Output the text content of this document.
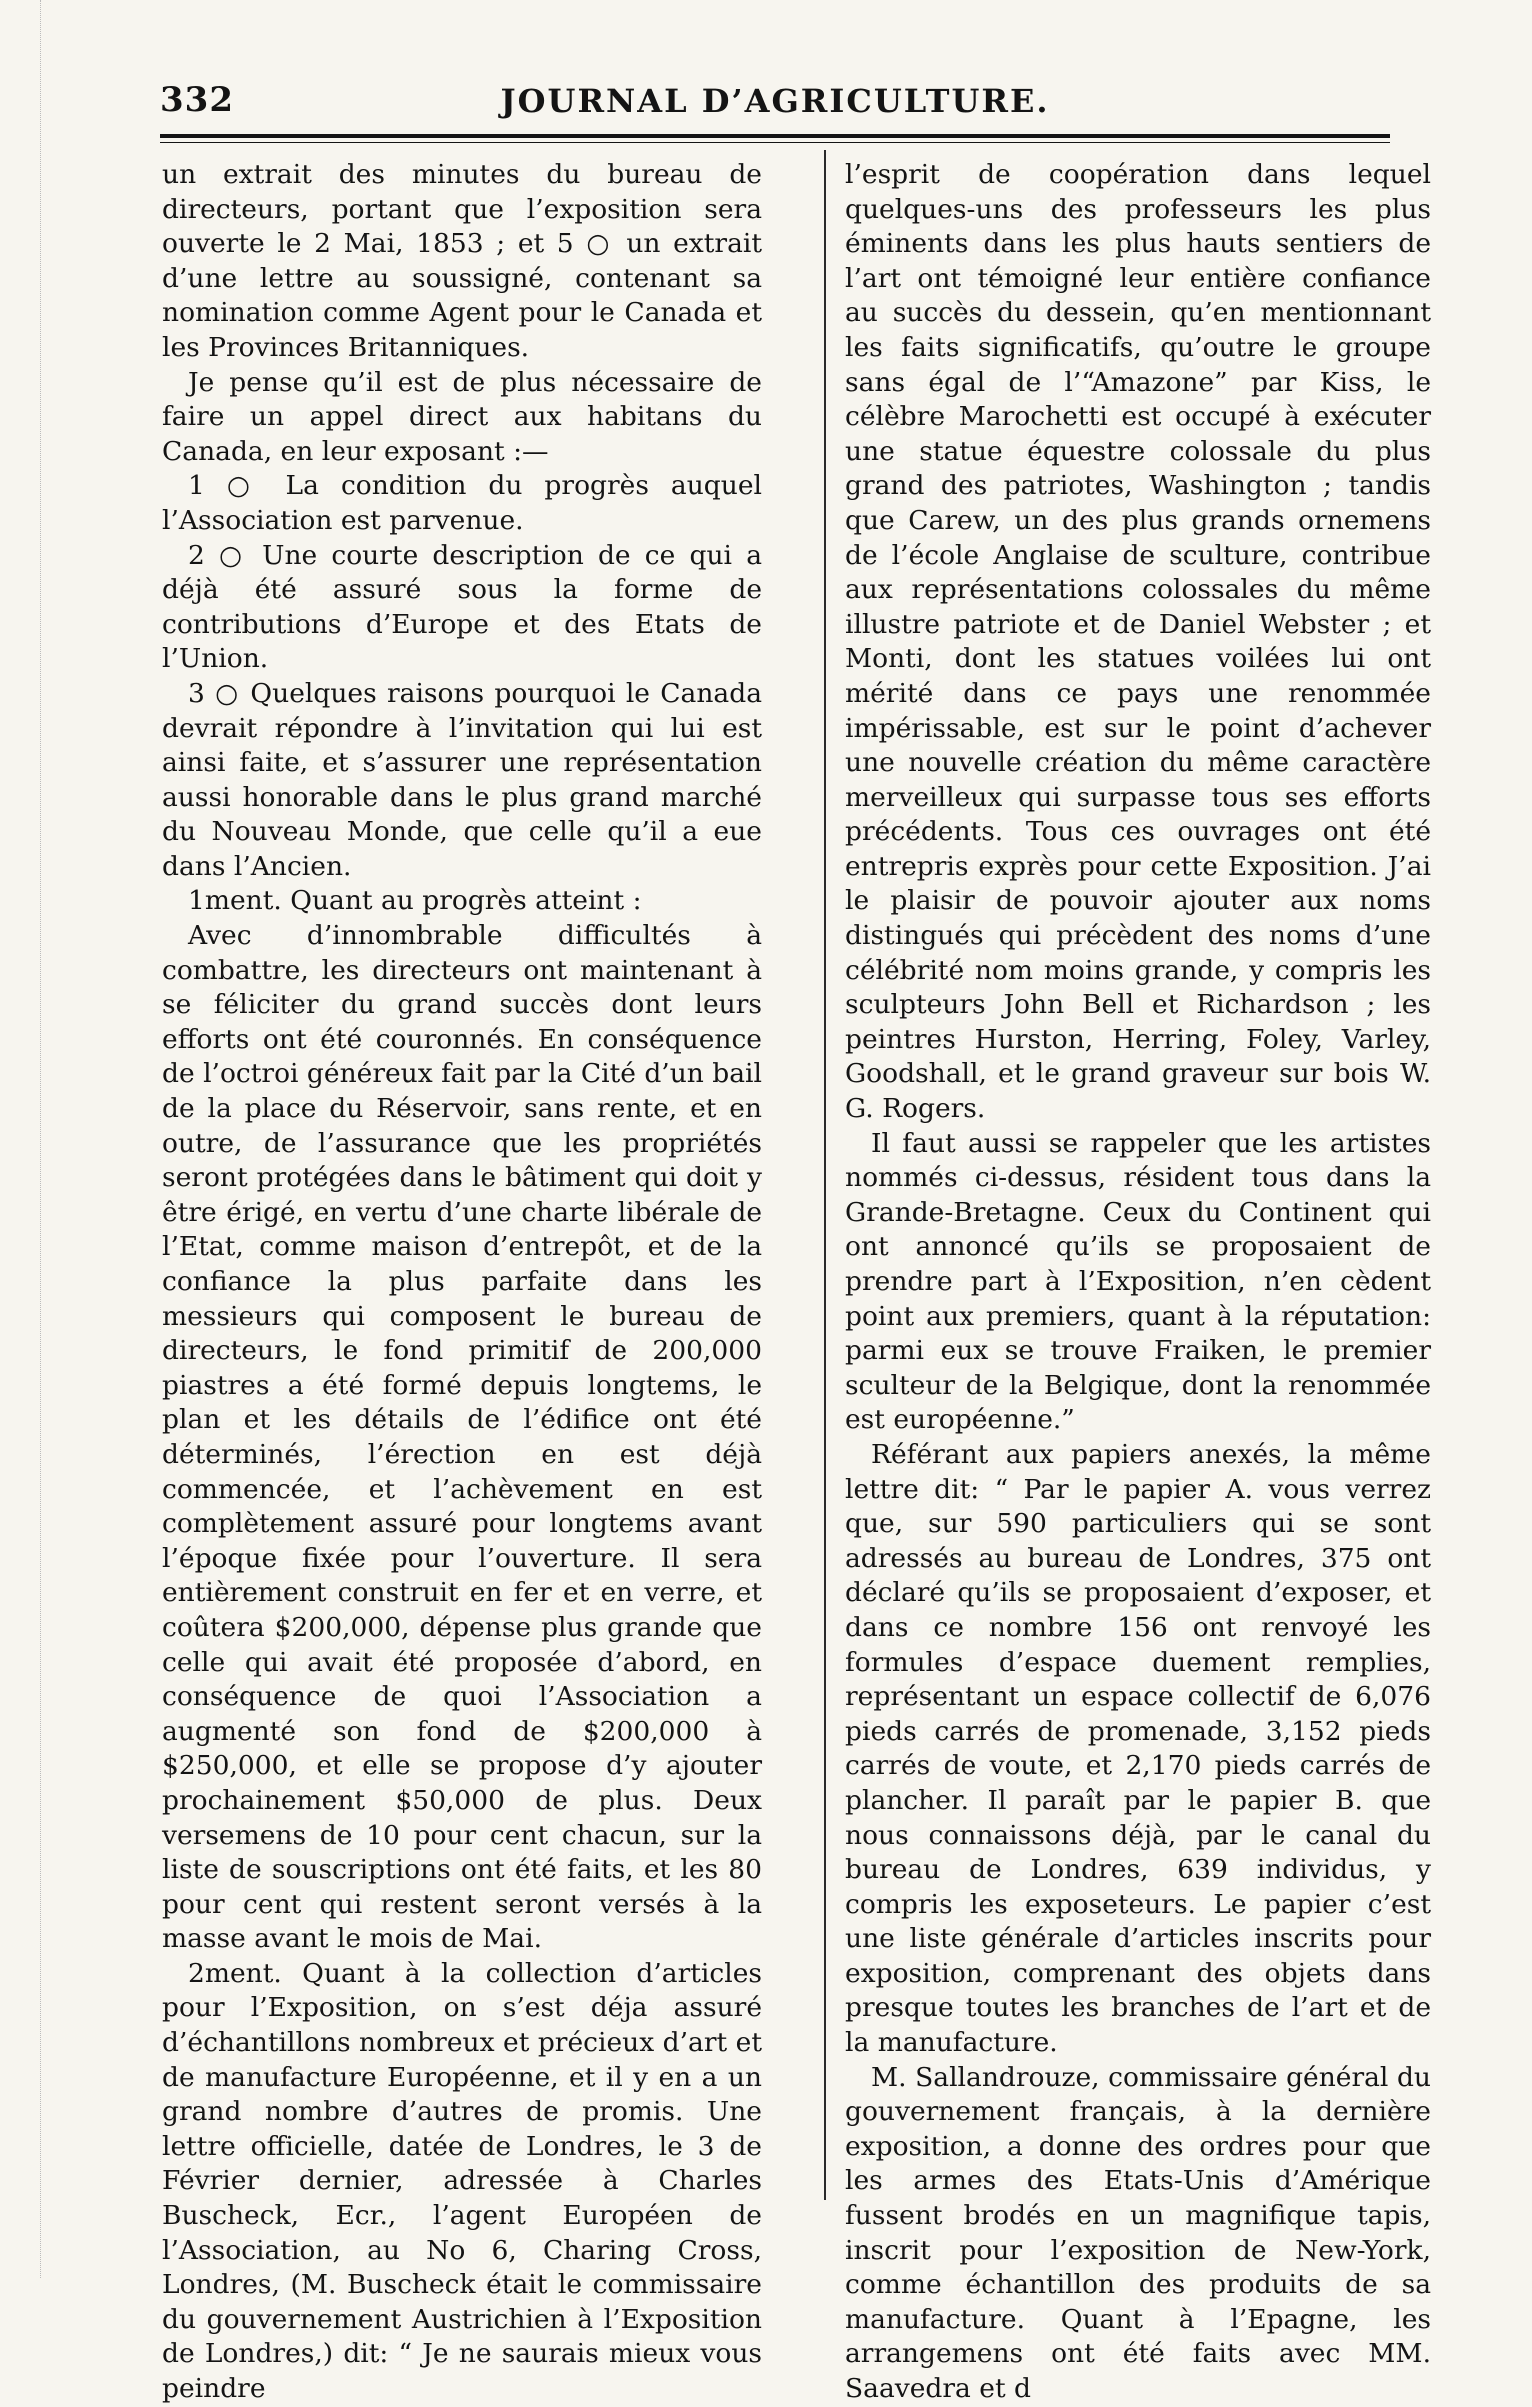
332	JOURNAL D’AGRICULTURE.

un extrait des minutes du bureau de directeurs, portant que l’exposition sera ouverte le 2 Mai, 1853 ; et 5 ○ un extrait d’une lettre au soussigné, contenant sa nomination comme Agent pour le Canada et les Provinces Britanniques.

Je pense qu’il est de plus nécessaire de faire un appel direct aux habitans du Canada, en leur exposant :—

1 ○ La condition du progrès auquel l’Association est parvenue.

2 ○ Une courte description de ce qui a déjà été assuré sous la forme de contributions d’Europe et des Etats de l’Union.

3 ○ Quelques raisons pourquoi le Canada devrait répondre à l’invitation qui lui est ainsi faite, et s’assurer une représentation aussi honorable dans le plus grand marché du Nouveau Monde, que celle qu’il a eue dans l’Ancien.

1ment. Quant au progrès atteint :

Avec d’innombrable difficultés à combattre, les directeurs ont maintenant à se féliciter du grand succès dont leurs efforts ont été couronnés. En conséquence de l’octroi généreux fait par la Cité d’un bail de la place du Réservoir, sans rente, et en outre, de l’assurance que les propriétés seront protégées dans le bâtiment qui doit y être érigé, en vertu d’une charte libérale de l’Etat, comme maison d’entrepôt, et de la confiance la plus parfaite dans les messieurs qui composent le bureau de directeurs, le fond primitif de 200,000 piastres a été formé depuis longtems, le plan et les détails de l’édifice ont été déterminés, l’érection en est déjà commencée, et l’achèvement en est complètement assuré pour longtems avant l’époque fixée pour l’ouverture. Il sera entièrement construit en fer et en verre, et coûtera $200,000, dépense plus grande que celle qui avait été proposée d’abord, en conséquence de quoi l’Association a augmenté son fond de $200,000 à $250,000, et elle se propose d’y ajouter prochainement $50,000 de plus. Deux versemens de 10 pour cent chacun, sur la liste de souscriptions ont été faits, et les 80 pour cent qui restent seront versés à la masse avant le mois de Mai.

2ment. Quant à la collection d’articles pour l’Exposition, on s’est déja assuré d’échantillons nombreux et précieux d’art et de manufacture Européenne, et il y en a un grand nombre d’autres de promis. Une lettre officielle, datée de Londres, le 3 de Février dernier, adressée à Charles Buscheck, Ecr., l’agent Européen de l’Association, au No 6, Charing Cross, Londres, (M. Buscheck était le commissaire du gouvernement Austrichien à l’Exposition de Londres,) dit: “ Je ne saurais mieux vous peindre

l’esprit de coopération dans lequel quelques-uns des professeurs les plus éminents dans les plus hauts sentiers de l’art ont témoigné leur entière confiance au succès du dessein, qu’en mentionnant les faits significatifs, qu’outre le groupe sans égal de l’“Amazone” par Kiss, le célèbre Marochetti est occupé à exécuter une statue équestre colossale du plus grand des patriotes, Washington ; tandis que Carew, un des plus grands ornemens de l’école Anglaise de sculture, contribue aux représentations colossales du même illustre patriote et de Daniel Webster ; et Monti, dont les statues voilées lui ont mérité dans ce pays une renommée impérissable, est sur le point d’achever une nouvelle création du même caractère merveilleux qui surpasse tous ses efforts précédents. Tous ces ouvrages ont été entrepris exprès pour cette Exposition. J’ai le plaisir de pouvoir ajouter aux noms distingués qui précèdent des noms d’une célébrité nom moins grande, y compris les sculpteurs John Bell et Richardson ; les peintres Hurston, Herring, Foley, Varley, Goodshall, et le grand graveur sur bois W. G. Rogers.

Il faut aussi se rappeler que les artistes nommés ci-dessus, résident tous dans la Grande-Bretagne. Ceux du Continent qui ont annoncé qu’ils se proposaient de prendre part à l’Exposition, n’en cèdent point aux premiers, quant à la réputation: parmi eux se trouve Fraiken, le premier sculteur de la Belgique, dont la renommée est européenne.”

Référant aux papiers anexés, la même lettre dit: “ Par le papier A. vous verrez que, sur 590 particuliers qui se sont adressés au bureau de Londres, 375 ont déclaré qu’ils se proposaient d’exposer, et dans ce nombre 156 ont renvoyé les formules d’espace duement remplies, représentant un espace collectif de 6,076 pieds carrés de promenade, 3,152 pieds carrés de voute, et 2,170 pieds carrés de plancher. Il paraît par le papier B. que nous connaissons déjà, par le canal du bureau de Londres, 639 individus, y compris les exposeteurs. Le papier c’est une liste générale d’articles inscrits pour exposition, comprenant des objets dans presque toutes les branches de l’art et de la manufacture.

M. Sallandrouze, commissaire général du gouvernement français, à la dernière exposition, a donne des ordres pour que les armes des Etats-Unis d’Amérique fussent brodés en un magnifique tapis, inscrit pour l’exposition de New-York, comme échantillon des produits de sa manufacture. Quant à l’Epagne, les arrangemens ont été faits avec MM. Saavedra et d
